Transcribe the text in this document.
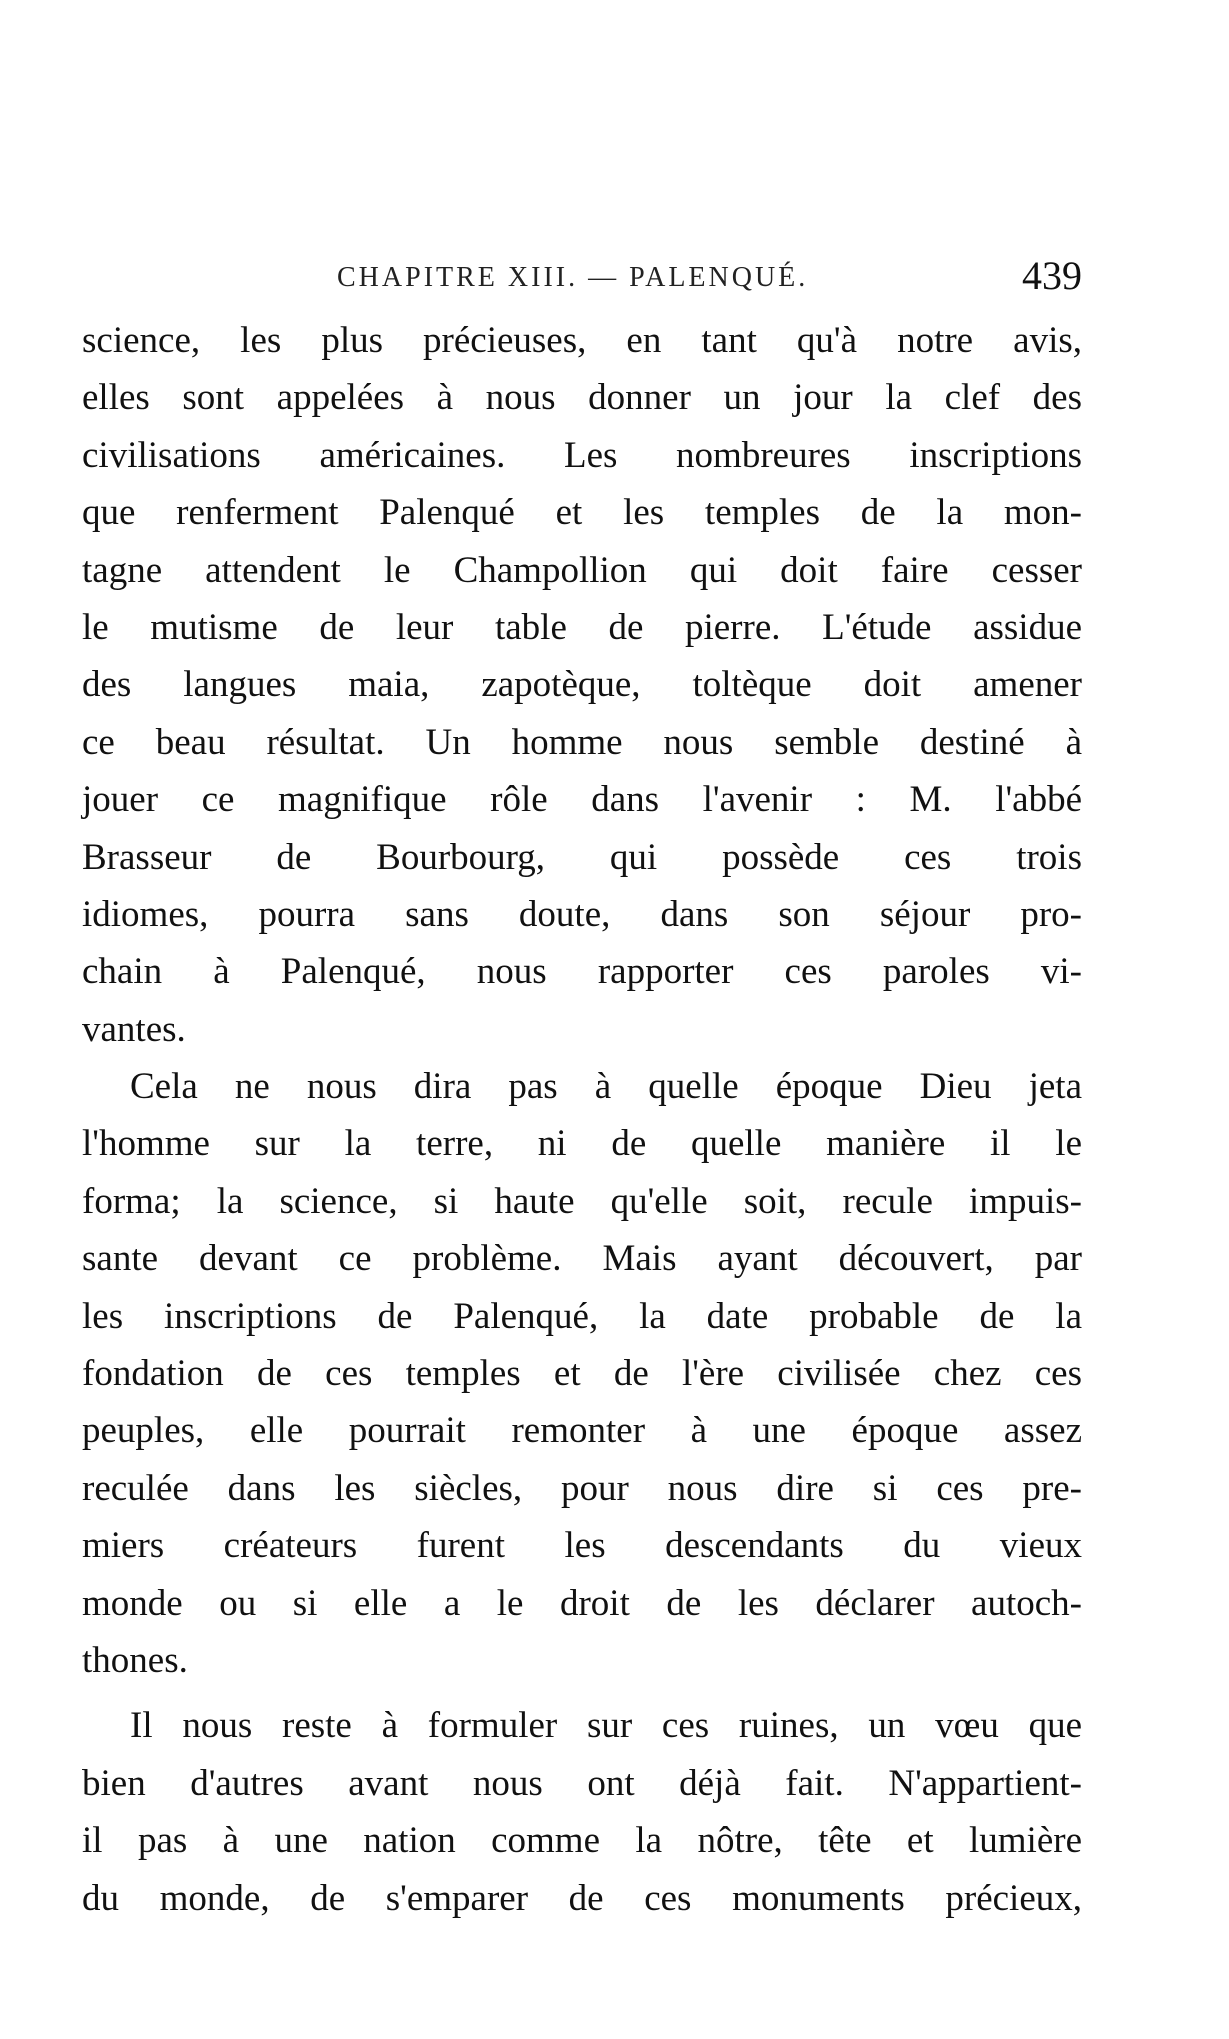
CHAPITRE XIII. — PALENQUÉ.	439
science, les plus précieuses, en tant qu'à notre avis,
elles sont appelées à nous donner un jour la clef des
civilisations américaines. Les nombreures inscriptions
que renferment Palenqué et les temples de la mon-
tagne attendent le Champollion qui doit faire cesser
le mutisme de leur table de pierre. L'étude assidue
des langues maia, zapotèque, toltèque doit amener
ce beau résultat. Un homme nous semble destiné à
jouer ce magnifique rôle dans l'avenir : M. l'abbé
Brasseur de Bourbourg, qui possède ces trois
idiomes, pourra sans doute, dans son séjour pro-
chain à Palenqué, nous rapporter ces paroles vi-
vantes.
Cela ne nous dira pas à quelle époque Dieu jeta
l'homme sur la terre, ni de quelle manière il le
forma; la science, si haute qu'elle soit, recule impuis-
sante devant ce problème. Mais ayant découvert, par
les inscriptions de Palenqué, la date probable de la
fondation de ces temples et de l'ère civilisée chez ces
peuples, elle pourrait remonter à une époque assez
reculée dans les siècles, pour nous dire si ces pre-
miers créateurs furent les descendants du vieux
monde ou si elle a le droit de les déclarer autoch-
thones.
Il nous reste à formuler sur ces ruines, un vœu que
bien d'autres avant nous ont déjà fait. N'appartient-
il pas à une nation comme la nôtre, tête et lumière
du monde, de s'emparer de ces monuments précieux,
